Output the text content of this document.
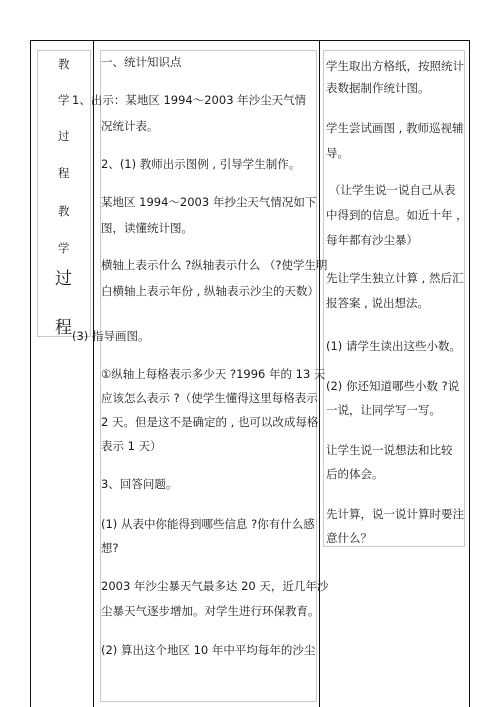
教
学
过
程
教
学
过
程
一、统计知识点
1、出示：某地区 1994～2003 年沙尘天气情
况统计表。
2、(1) 教师出示图例 , 引导学生制作。
某地区 1994～2003 年抄尘天气情况如下
图，读懂统计图。
横轴上表示什么 ?纵轴表示什么 （?使学生明
白横轴上表示年份 , 纵轴表示沙尘的天数）
(3) 指导画图。
①纵轴上每格表示多少天 ?1996 年的 13 天
应该怎么表示 ?（使学生懂得这里每格表示
2 天。但是这不是确定的 , 也可以改成每格
表示 1 天）
3、回答问题。
(1) 从表中你能得到哪些信息 ?你有什么感
想?
2003 年沙尘暴天气最多达 20 天，近几年沙
尘暴天气逐步增加。对学生进行环保教育。
(2) 算出这个地区 10 年中平均每年的沙尘
学生取出方格纸，按照统计
表数据制作统计图。
学生尝试画图 , 教师巡视辅
导。
（让学生说一说自己从表
中得到的信息。如近十年 ，
每年都有沙尘暴）
先让学生独立计算 , 然后汇
报答案 , 说出想法。
(1) 请学生读出这些小数。
(2) 你还知道哪些小数 ?说
一说，让同学写一写。
让学生说一说想法和比较
后的体会。
先计算，说一说计算时要注
意什么？
